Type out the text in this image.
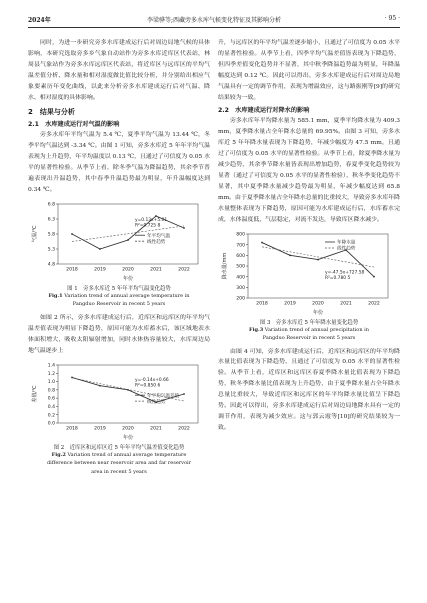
2024年	李梁骅等;西藏旁多水库气候变化特征及其影响分析	· 95 ·

同时，为进一步研究旁多水库建成运行后对周边局地气候的具体影响，本研究选取旁多乡气象自动站作为旁多水库近库区代表站，林周县气象站作为旁多水库远库区代表站，将近库区与远库区的平均气温差值分析、降水量和相对湿度做比值比较分析，并分别给出相应气象要素历年变化曲线，以此来分析旁多水库建成运行后对气温、降水、相对湿度的具体影响。

2　结果与分析
2.1　水库建成运行对气温的影响

旁多水库年平均气温为 5.4 ℃，夏季平均气温为 13.44 ℃，冬季平均气温达到 -3.34 ℃。由图 1 可知，旁多水库近 5 年年平均气温表现为上升趋势，年平均温度以 0.13 ℃，且通过了可信度为 0.05 水平的显著性检验。从季节上看，除冬季气温为降温趋势，其余季节普遍表现出升温趋势，其中春季升温趋势最为明显，年升温幅度达到 0.34 ℃。

4.8
5.3
5.8
6.3
6.8
2018	2019	2020	2021	2022
年份
气温/℃	年平均气温
线性趋势
y=0.13x+5.01
R²=0.725 8
图 1　旁多水库近 5 年年平均气温变化趋势
Fig.1 Variation trend of annual average temperature in
Pangduo Reservoir in recent 5 years

如图 2 所示，旁多水库建成运行后，近库区和远库区的年平均气温差值表现为明显下降趋势，原因可能为水库蓄水后，该区域地表水体面积增大，吸收太阳辐射增加，同时水体热容量较大，水库周边局地气温逐步上

0.0
0.2
0.4
0.6
0.8
1.0
1.2
1.4
2018	2019	2020	2021	2022
年份
差值/℃	年平均气温差值
线性趋势
y=-0.14x+0.66
R²=0.850 6
图 2　近库区和远库区近 5 年年平均气温差值变化趋势
Fig.2 Variation trend of annual average temperature
difference between near reservoir area and far reservoir
area in recent 5 years

升，与远库区的年平均气温差逐步缩小，且通过了可信度为 0.05 水平的显著性检验。从季节上看，四季平均气温差值皆表现为下降趋势，但四季差值变化趋势并不显著，其中秋季降温趋势最为明显，年降温幅度达到 0.12 ℃。因此可以得出，旁多水库建成运行后对周边局地气温具有一定的调节作用，表现为增温效应，这与路振刚等[9]的研究结果较为一致。

2.2　水库建成运行对降水的影响

旁多水库年平均降水量为 585.1 mm，夏季平均降水量为 409.3 mm，夏季降水量占全年降水总量的 69.95%。由图 3 可知，旁多水库近 5 年年降水量表现为下降趋势，年减少幅度为 47.5 mm，且通过了可信度为 0.05 水平的显著性检验。从季节上看，除夏季降水量为减少趋势，其余季节降水量皆表现出增加趋势，春夏季变化趋势较为显著（通过了可信度为 0.05 水平的显著性检验），秋冬季变化趋势不显著，其中夏季降水量减少趋势最为明显，年减少幅度达到 65.8 mm。由于夏季降水量占全年降水总量的比重较大，导致旁多水库年降水量整体表现为下降趋势，原因可能为水库建成运行后，水库蓄水完成，水体温度低，气层稳定，对流不发达，导致库区降水减少。

200
300
400
500
600
700
800
2018	2019	2020	2021	2022
年份
降水量/mm
年降水量
线性趋势
y=-47.5x+727.58
R²=0.780 5
图 3　旁多水库近 5 年年降水量变化趋势
Fig.3 Variation trend of annual precipitation in
Pangduo Reservoir in recent 5 years

由图 4 可知，旁多水库建成运行后，近库区和远库区的年平均降水量比值表现为下降趋势，且通过了可信度为 0.05 水平的显著性检验。从季节上看，近库区和远库区春夏季降水量比值表现为下降趋势，秋冬季降水量比值表现为上升趋势，由于夏季降水量占全年降水总量比重较大，导致近库区和远库区的年平均降水量比值呈下降趋势。因此可以得出，旁多水库建成运行后对周边局地降水具有一定的调节作用，表现为减少效应。这与郭云霞等[10]的研究结果较为一致。
